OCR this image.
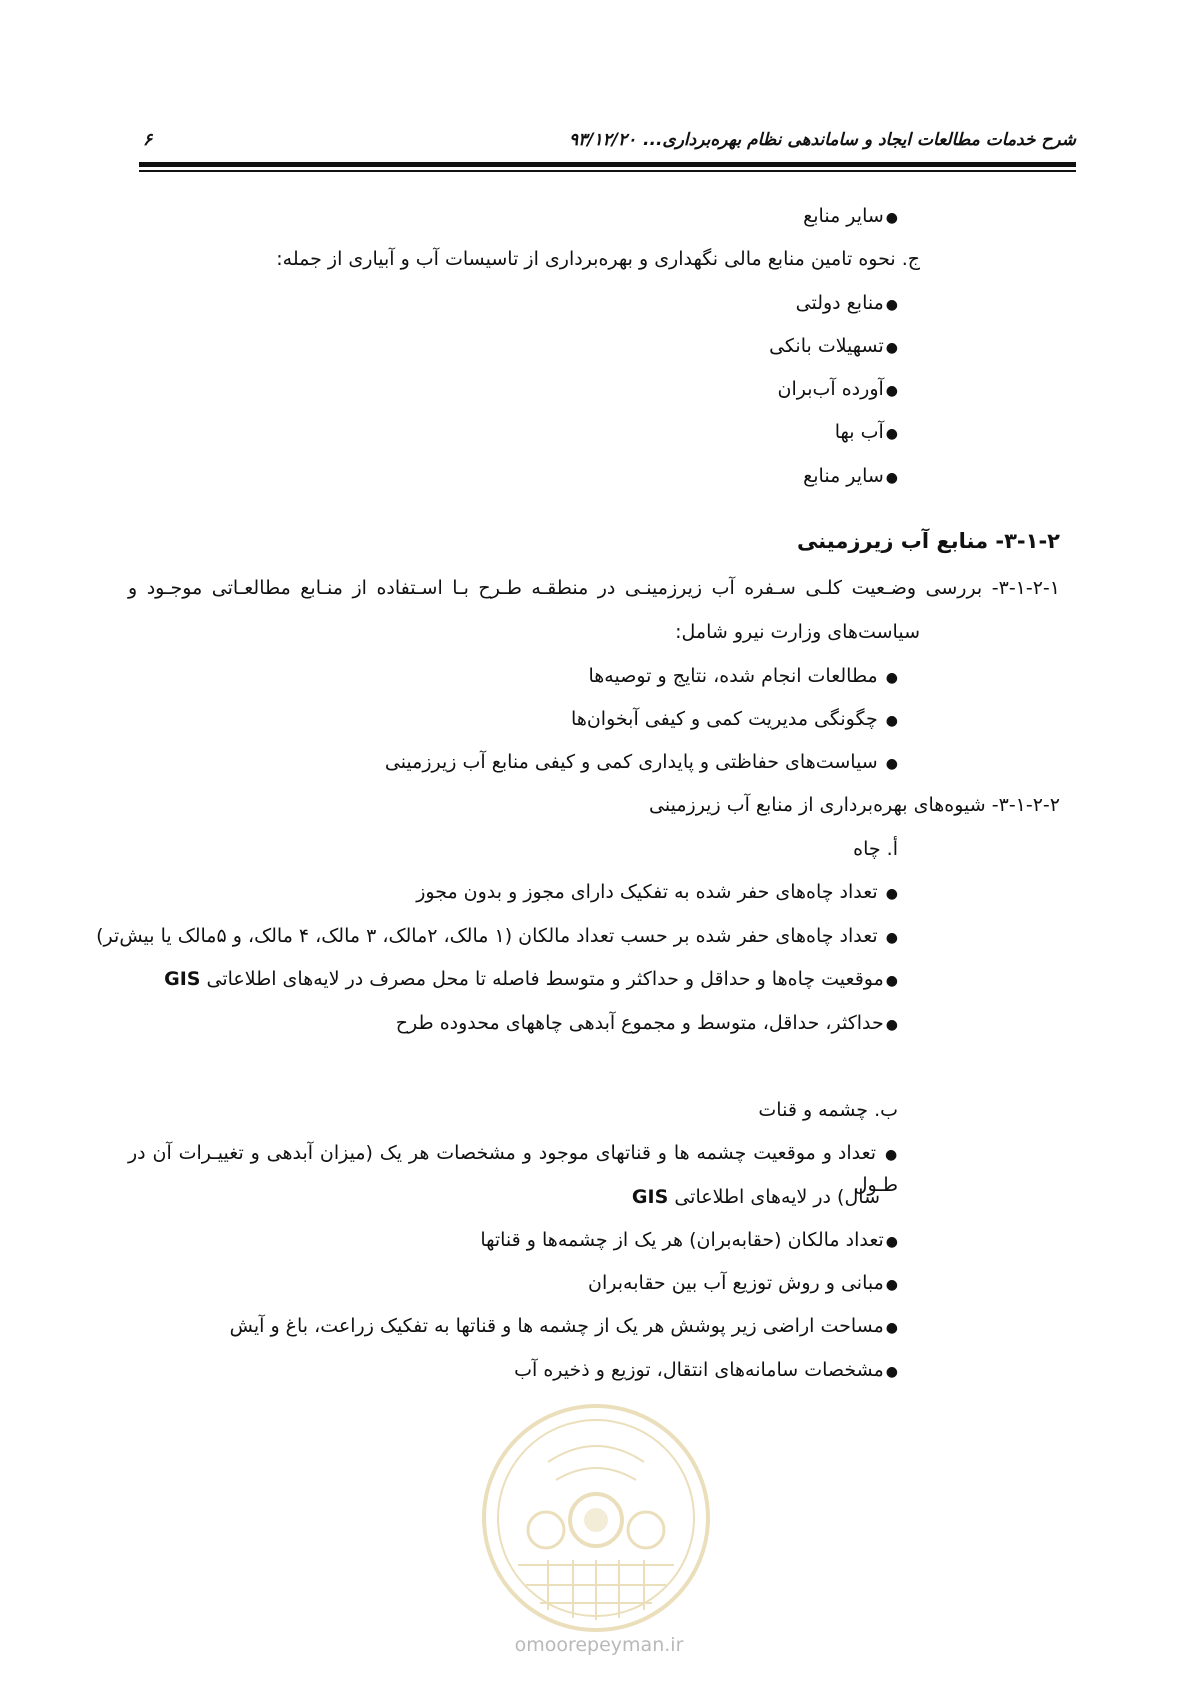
شرح خدمات مطالعات ایجاد و ساماندهی نظام بهره‌برداری...
۹۳/۱۲/۲۰
۶
●سایر منابع
ج. نحوه تامین منابع مالی نگهداری و بهره‌برداری از تاسیسات آب و آبیاری از جمله:
●منابع دولتی
●تسهیلات بانکی
●آورده آب‌بران
●آب بها
●سایر منابع
۳-۱-۲- منابع آب زیرزمینی
۳-۱-۲-۱- بررسی وضـعیت کلـی سـفره آب زیرزمینـی در منطقـه طـرح بـا اسـتفاده از منـابع مطالعـاتی موجـود و
سیاست‌های وزارت نیرو شامل:
● مطالعات انجام شده، نتایج و توصیه‌ها
● چگونگی مدیریت کمی و کیفی آبخوان‌ها
● سیاست‌های حفاظتی و پایداری کمی و کیفی منابع آب زیرزمینی
۳-۱-۲-۲- شیوه‌های بهره‌برداری از منابع آب زیرزمینی
أ. چاه
● تعداد چاه‌های حفر شده به تفکیک دارای مجوز و بدون مجوز
● تعداد چاه‌های حفر شده بر حسب تعداد مالکان (۱ مالک، ۲مالک، ۳ مالک، ۴ مالک، و ۵مالک یا بیش‌تر)
●موقعیت چاه‌ها و حداقل و حداکثر و متوسط فاصله تا محل مصرف در لایه‌های اطلاعاتی GIS
●حداکثر، حداقل، متوسط و مجموع آبدهی چاههای محدوده طرح
ب. چشمه و قنات
● تعداد و موقعیت چشمه ها و قناتهای موجود و مشخصات هر یک (میزان آبدهی و تغییـرات آن در طـول
سال) در لایه‌های اطلاعاتی GIS
●تعداد مالکان (حقابه‌بران) هر یک از چشمه‌ها و قناتها
●مبانی و روش توزیع آب بین حقابه‌بران
●مساحت اراضی زیر پوشش هر یک از چشمه ها و قناتها به تفکیک زراعت، باغ و آیش
●مشخصات سامانه‌های انتقال، توزیع و ذخیره آب
omoorepeyman.ir
